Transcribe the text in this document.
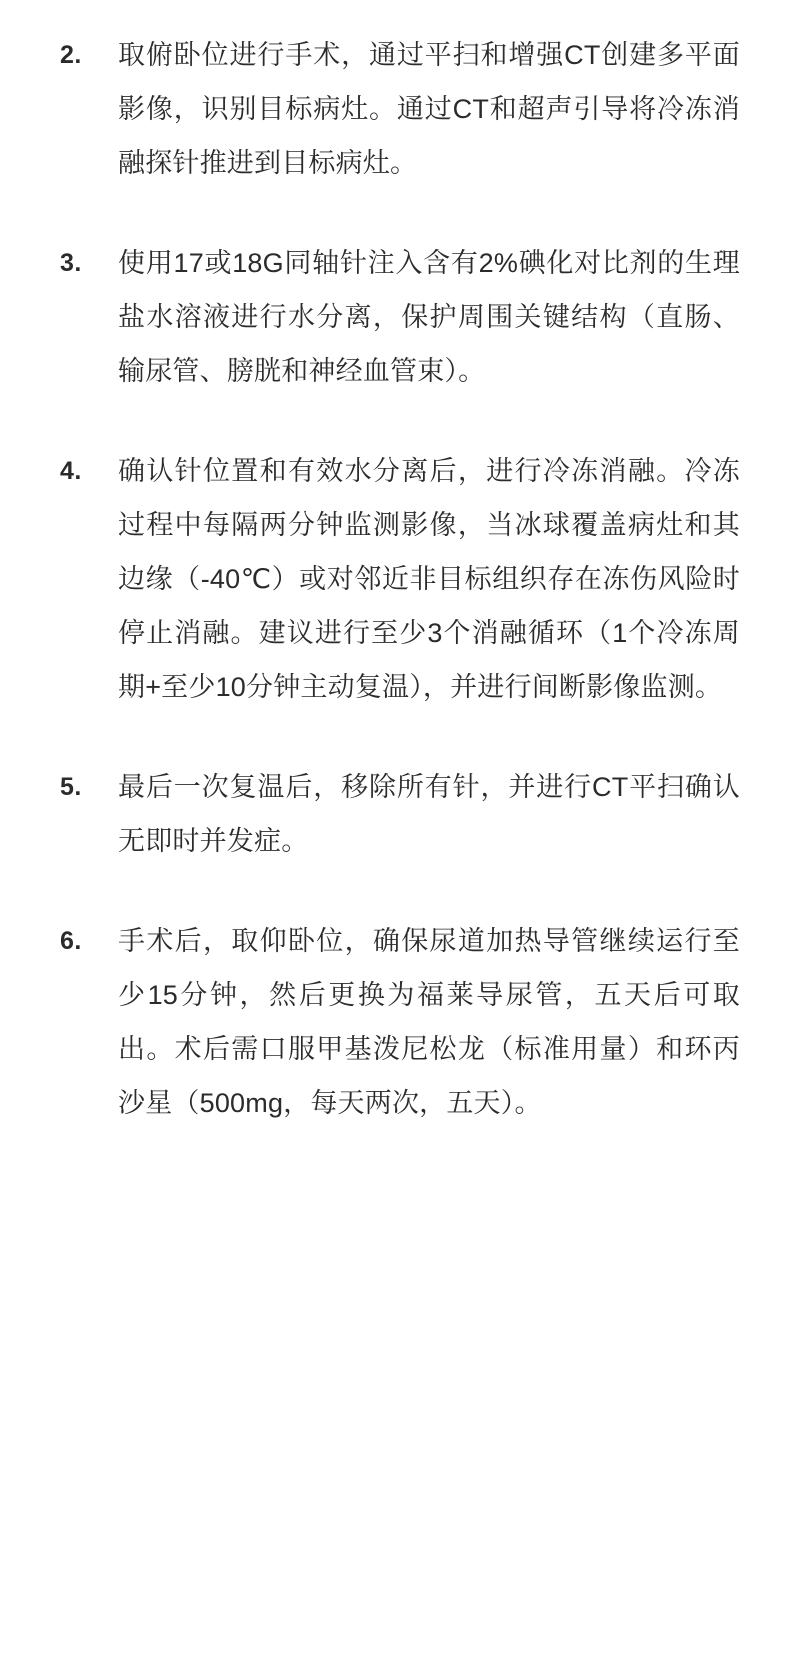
2.	取俯卧位进行手术，通过平扫和增强CT创建多平面影像，识别目标病灶。通过CT和超声引导将冷冻消融探针推进到目标病灶。
3.	使用17或18G同轴针注入含有2%碘化对比剂的生理盐水溶液进行水分离，保护周围关键结构（直肠、输尿管、膀胱和神经血管束）。
4.	确认针位置和有效水分离后，进行冷冻消融。冷冻过程中每隔两分钟监测影像，当冰球覆盖病灶和其边缘（-40℃）或对邻近非目标组织存在冻伤风险时停止消融。建议进行至少3个消融循环（1个冷冻周期+至少10分钟主动复温），并进行间断影像监测。
5.	最后一次复温后，移除所有针，并进行CT平扫确认无即时并发症。
6.	手术后，取仰卧位，确保尿道加热导管继续运行至少15分钟，然后更换为福莱导尿管，五天后可取出。术后需口服甲基泼尼松龙（标准用量）和环丙沙星（500mg，每天两次，五天）。
